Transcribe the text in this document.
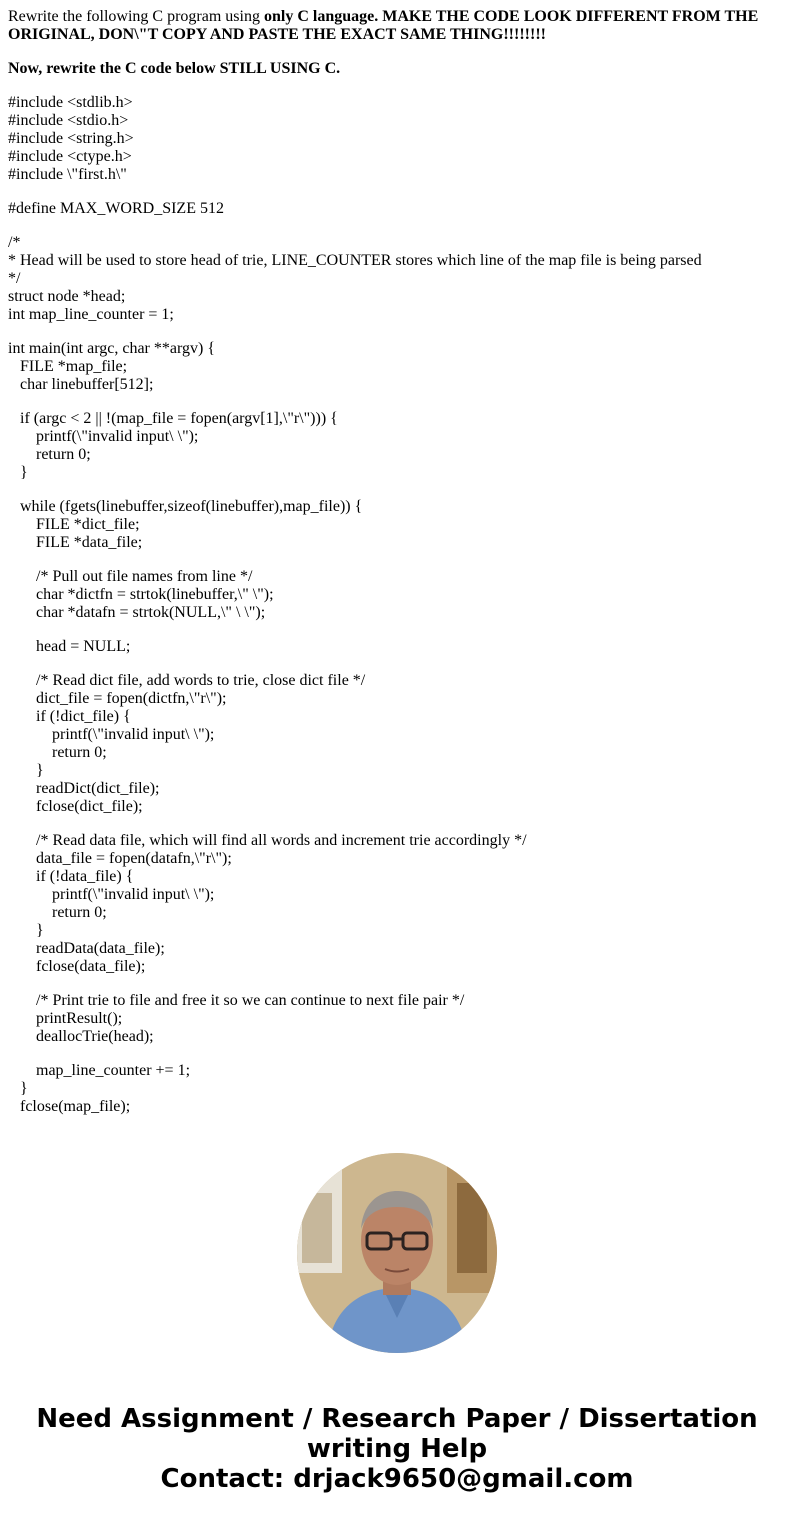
Rewrite the following C program using only C language. MAKE THE CODE LOOK DIFFERENT FROM THE ORIGINAL, DON\"T COPY AND PASTE THE EXACT SAME THING!!!!!!!!

Now, rewrite the C code below STILL USING C.

#include <stdlib.h>
#include <stdio.h>
#include <string.h>
#include <ctype.h>
#include \"first.h\"
#define MAX_WORD_SIZE 512
/*
* Head will be used to store head of trie, LINE_COUNTER stores which line of the map file is being parsed
*/
struct node *head;
int map_line_counter = 1;
int main(int argc, char **argv) {
FILE *map_file;
char linebuffer[512];
if (argc < 2 || !(map_file = fopen(argv[1],\"r\"))) {
printf(\"invalid input\ \");
return 0;
}
while (fgets(linebuffer,sizeof(linebuffer),map_file)) {
FILE *dict_file;
FILE *data_file;
/* Pull out file names from line */
char *dictfn = strtok(linebuffer,\" \");
char *datafn = strtok(NULL,\" \ \");
head = NULL;
/* Read dict file, add words to trie, close dict file */
dict_file = fopen(dictfn,\"r\");
if (!dict_file) {
printf(\"invalid input\ \");
return 0;
}
readDict(dict_file);
fclose(dict_file);
/* Read data file, which will find all words and increment trie accordingly */
data_file = fopen(datafn,\"r\");
if (!data_file) {
printf(\"invalid input\ \");
return 0;
}
readData(data_file);
fclose(data_file);
/* Print trie to file and free it so we can continue to next file pair */
printResult();
deallocTrie(head);
map_line_counter += 1;
}
fclose(map_file);
Need Assignment / Research Paper / Dissertation
writing Help
Contact: drjack9650@gmail.com
